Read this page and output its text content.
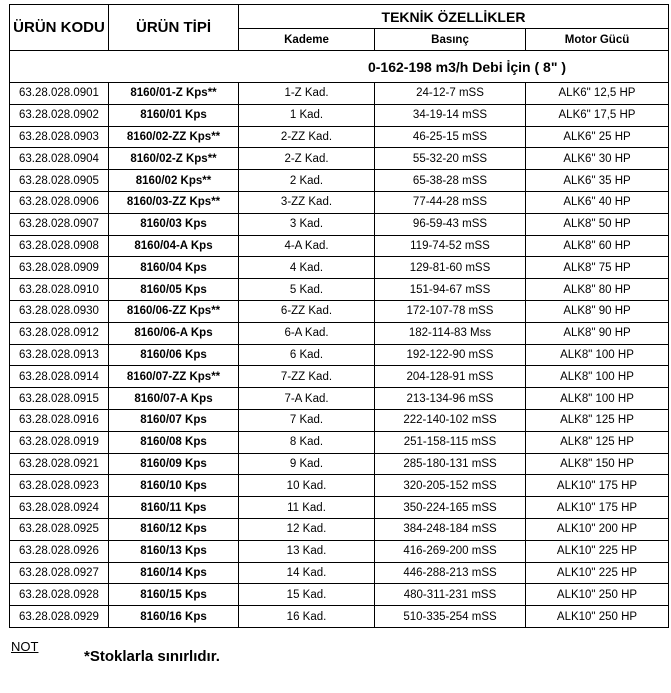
ÜRÜN KODU	ÜRÜN TİPİ	TEKNİK ÖZELLİKLER		
		Kademe	Basınç	Motor Gücü
0-162-198 m3/h Debi İçin ( 8" )				
63.28.028.0901	8160/01-Z Kps**	1-Z Kad.	24-12-7 mSS	ALK6" 12,5 HP
63.28.028.0902	8160/01 Kps	1 Kad.	34-19-14 mSS	ALK6" 17,5 HP
63.28.028.0903	8160/02-ZZ Kps**	2-ZZ Kad.	46-25-15 mSS	ALK6" 25 HP
63.28.028.0904	8160/02-Z Kps**	2-Z Kad.	55-32-20 mSS	ALK6" 30 HP
63.28.028.0905	8160/02 Kps**	2 Kad.	65-38-28 mSS	ALK6" 35 HP
63.28.028.0906	8160/03-ZZ Kps**	3-ZZ Kad.	77-44-28 mSS	ALK6" 40 HP
63.28.028.0907	8160/03 Kps	3 Kad.	96-59-43 mSS	ALK8" 50 HP
63.28.028.0908	8160/04-A Kps	4-A Kad.	119-74-52 mSS	ALK8" 60 HP
63.28.028.0909	8160/04 Kps	4 Kad.	129-81-60 mSS	ALK8" 75 HP
63.28.028.0910	8160/05 Kps	5 Kad.	151-94-67 mSS	ALK8" 80 HP
63.28.028.0930	8160/06-ZZ Kps**	6-ZZ Kad.	172-107-78 mSS	ALK8" 90 HP
63.28.028.0912	8160/06-A Kps	6-A Kad.	182-114-83 Mss	ALK8" 90 HP
63.28.028.0913	8160/06 Kps	6 Kad.	192-122-90 mSS	ALK8" 100 HP
63.28.028.0914	8160/07-ZZ Kps**	7-ZZ Kad.	204-128-91 mSS	ALK8" 100 HP
63.28.028.0915	8160/07-A Kps	7-A Kad.	213-134-96 mSS	ALK8" 100 HP
63.28.028.0916	8160/07 Kps	7 Kad.	222-140-102 mSS	ALK8" 125 HP
63.28.028.0919	8160/08 Kps	8 Kad.	251-158-115 mSS	ALK8" 125 HP
63.28.028.0921	8160/09 Kps	9 Kad.	285-180-131 mSS	ALK8" 150 HP
63.28.028.0923	8160/10 Kps	10 Kad.	320-205-152 mSS	ALK10" 175 HP
63.28.028.0924	8160/11 Kps	11 Kad.	350-224-165 mSS	ALK10" 175 HP
63.28.028.0925	8160/12 Kps	12 Kad.	384-248-184 mSS	ALK10" 200 HP
63.28.028.0926	8160/13 Kps	13 Kad.	416-269-200 mSS	ALK10" 225 HP
63.28.028.0927	8160/14 Kps	14 Kad.	446-288-213 mSS	ALK10" 225 HP
63.28.028.0928	8160/15 Kps	15 Kad.	480-311-231 mSS	ALK10" 250 HP
63.28.028.0929	8160/16 Kps	16 Kad.	510-335-254 mSS	ALK10" 250 HP
NOT
*Stoklarla sınırlıdır.
